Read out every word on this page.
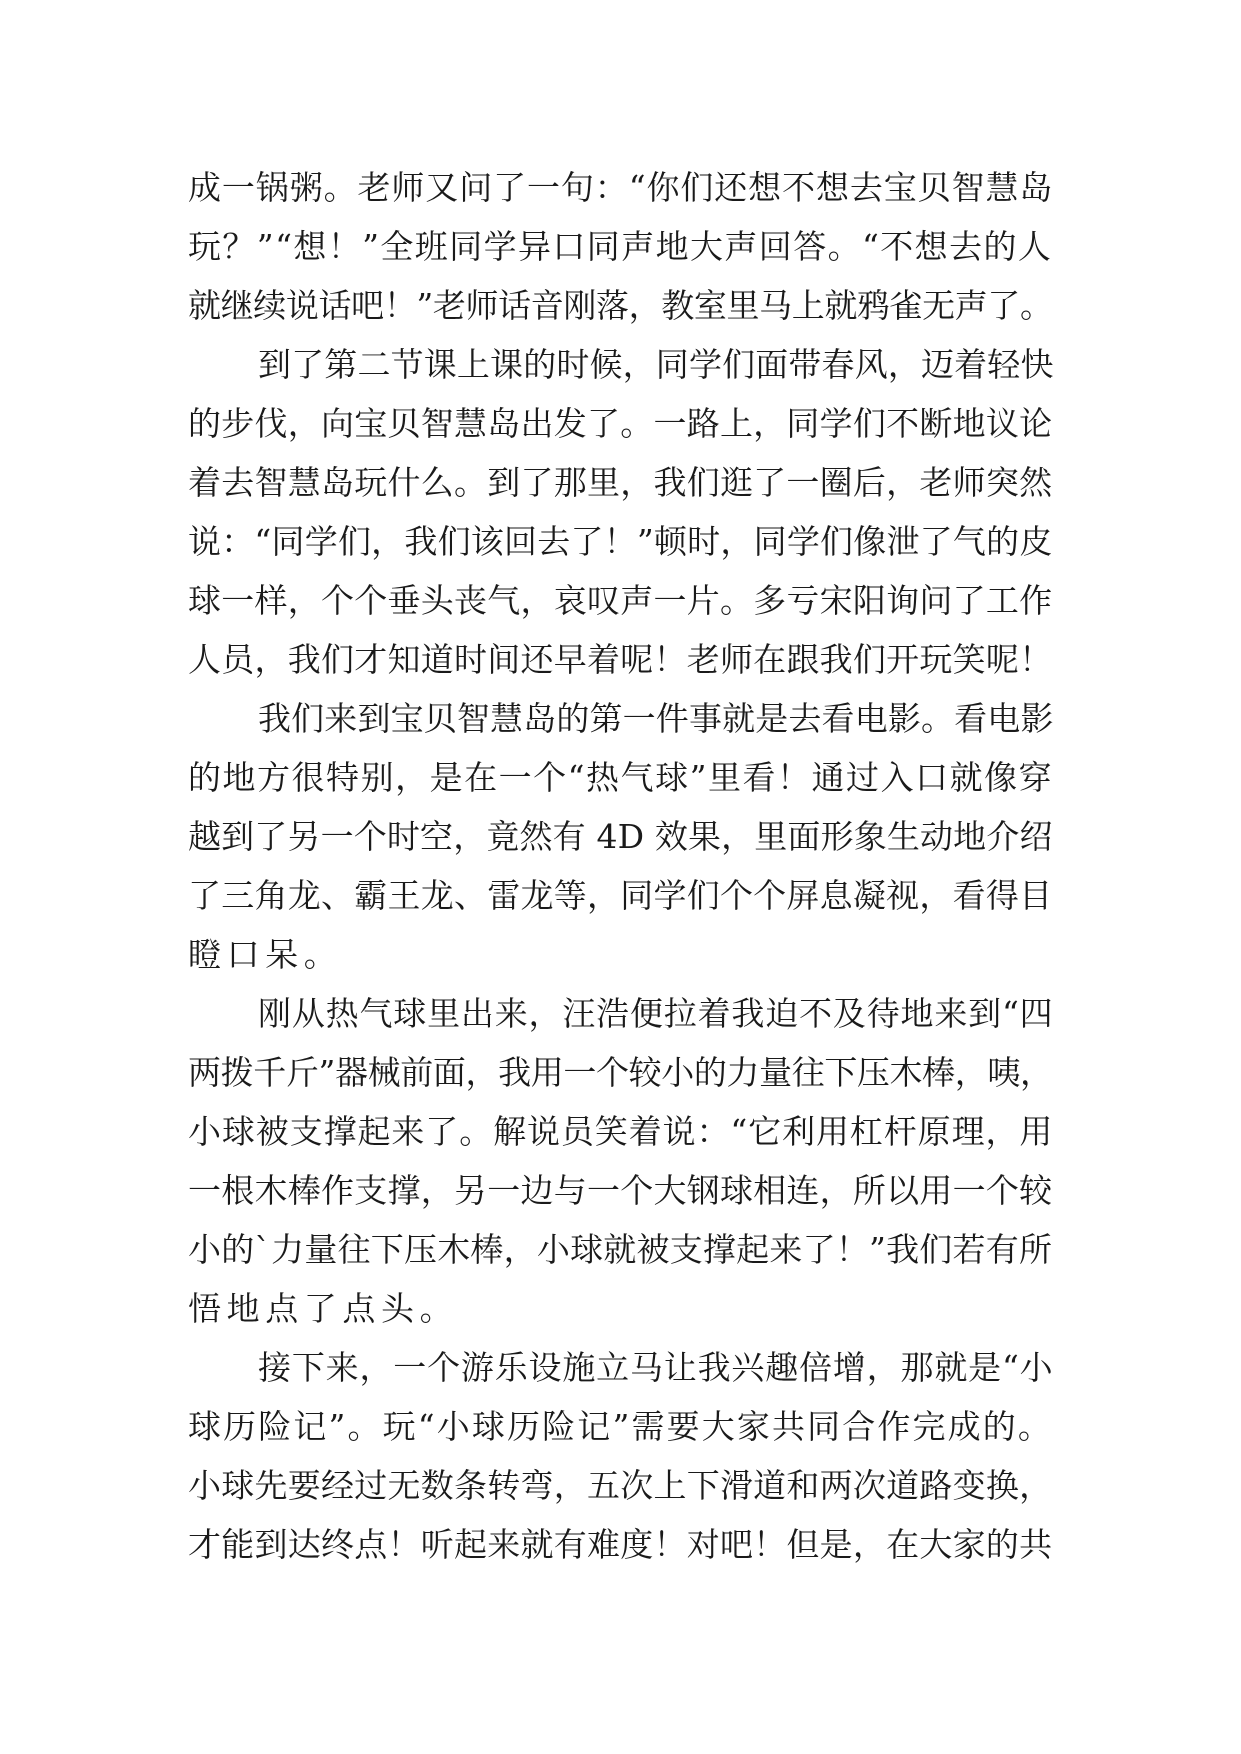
成一锅粥。老师又问了一句：“你们还想不想去宝贝智慧岛
玩？”“想！”全班同学异口同声地大声回答。“不想去的人
就继续说话吧！”老师话音刚落，教室里马上就鸦雀无声了。
到了第二节课上课的时候，同学们面带春风，迈着轻快
的步伐，向宝贝智慧岛出发了。一路上，同学们不断地议论
着去智慧岛玩什么。到了那里，我们逛了一圈后，老师突然
说：“同学们，我们该回去了！”顿时，同学们像泄了气的皮
球一样，个个垂头丧气，哀叹声一片。多亏宋阳询问了工作
人员，我们才知道时间还早着呢！老师在跟我们开玩笑呢！
我们来到宝贝智慧岛的第一件事就是去看电影。看电影
的地方很特别，是在一个“热气球”里看！通过入口就像穿
越到了另一个时空，竟然有 4D 效果，里面形象生动地介绍
了三角龙、霸王龙、雷龙等，同学们个个屏息凝视，看得目
瞪口呆。
刚从热气球里出来，汪浩便拉着我迫不及待地来到“四
两拨千斤”器械前面，我用一个较小的力量往下压木棒，咦，
小球被支撑起来了。解说员笑着说：“它利用杠杆原理，用
一根木棒作支撑，另一边与一个大钢球相连，所以用一个较
小的`力量往下压木棒，小球就被支撑起来了！”我们若有所
悟地点了点头。
接下来，一个游乐设施立马让我兴趣倍增，那就是“小
球历险记”。玩“小球历险记”需要大家共同合作完成的。
小球先要经过无数条转弯，五次上下滑道和两次道路变换，
才能到达终点！听起来就有难度！对吧！但是，在大家的共
